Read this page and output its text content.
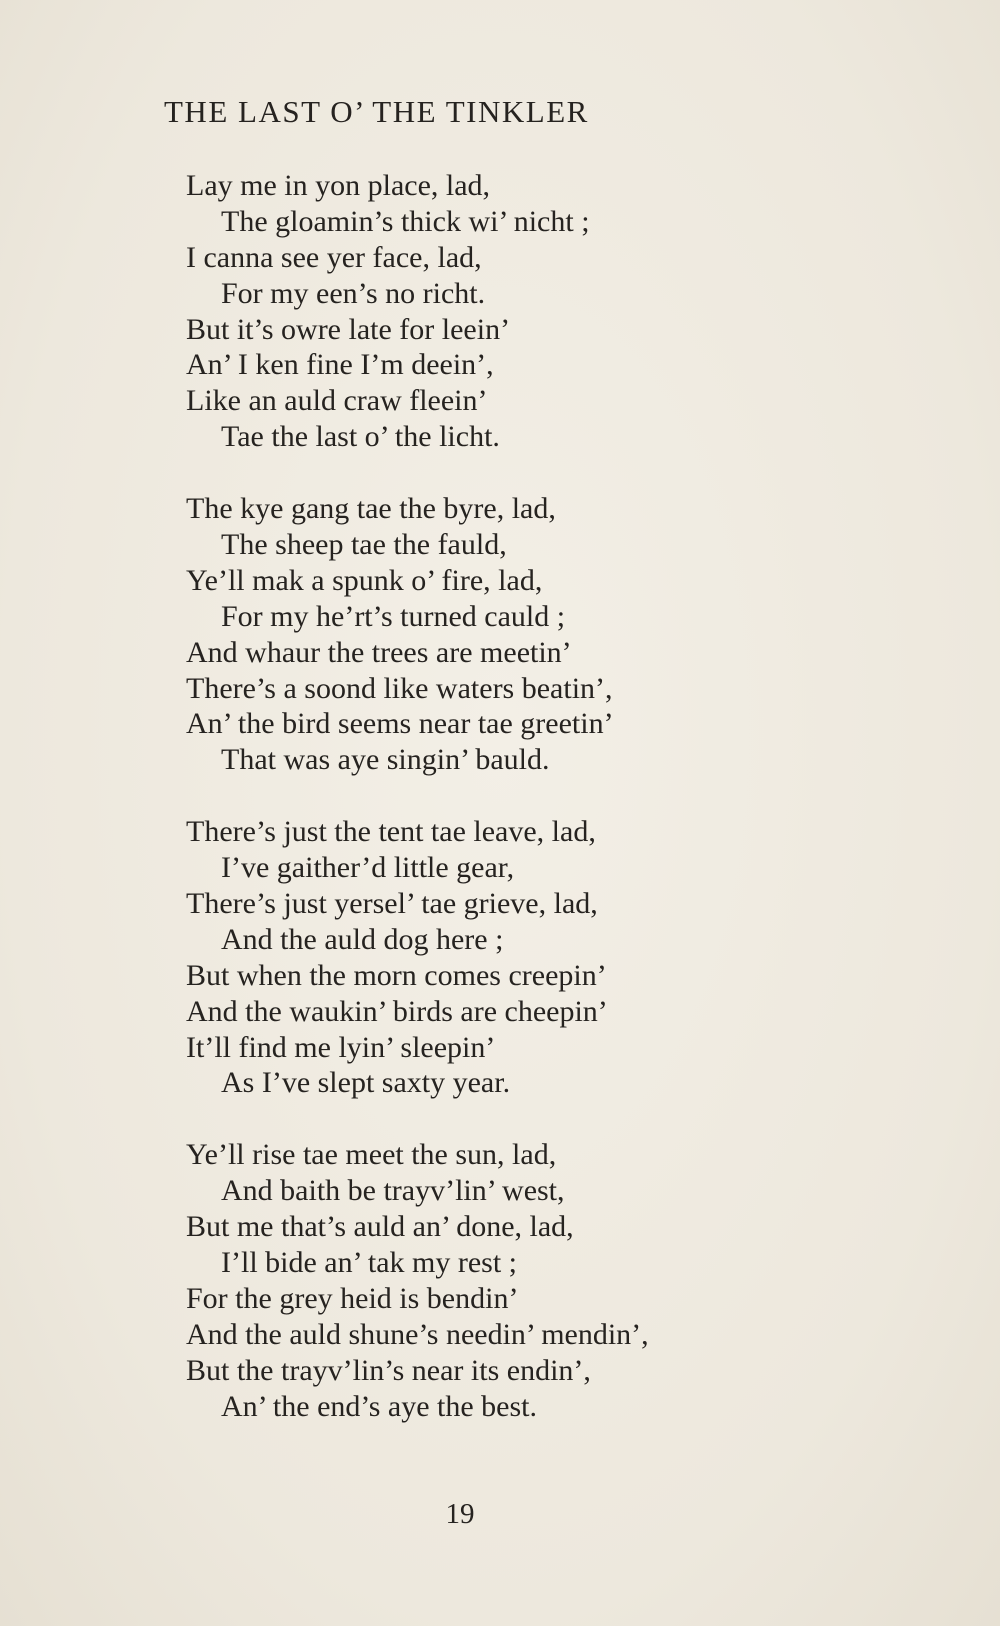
THE LAST O’ THE TINKLER
Lay me in yon place, lad,
The gloamin’s thick wi’ nicht ;
I canna see yer face, lad,
For my een’s no richt.
But it’s owre late for leein’
An’ I ken fine I’m deein’,
Like an auld craw fleein’
Tae the last o’ the licht.
The kye gang tae the byre, lad,
The sheep tae the fauld,
Ye’ll mak a spunk o’ fire, lad,
For my he’rt’s turned cauld ;
And whaur the trees are meetin’
There’s a soond like waters beatin’,
An’ the bird seems near tae greetin’
That was aye singin’ bauld.
There’s just the tent tae leave, lad,
I’ve gaither’d little gear,
There’s just yersel’ tae grieve, lad,
And the auld dog here ;
But when the morn comes creepin’
And the waukin’ birds are cheepin’
It’ll find me lyin’ sleepin’
As I’ve slept saxty year.
Ye’ll rise tae meet the sun, lad,
And baith be trayv’lin’ west,
But me that’s auld an’ done, lad,
I’ll bide an’ tak my rest ;
For the grey heid is bendin’
And the auld shune’s needin’ mendin’,
But the trayv’lin’s near its endin’,
An’ the end’s aye the best.
19
